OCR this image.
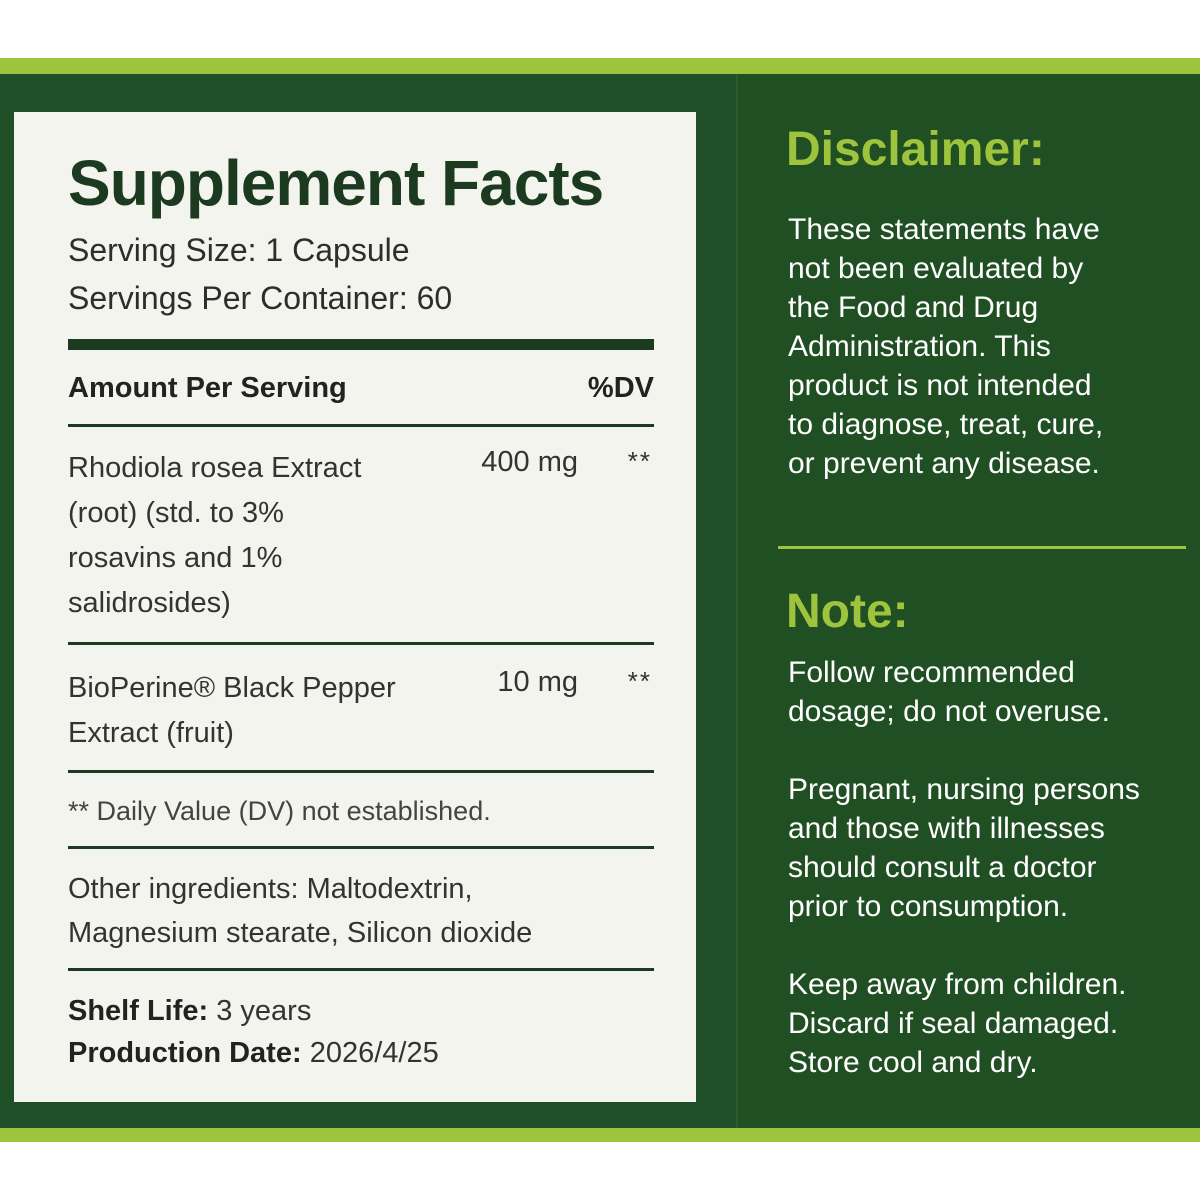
Supplement Facts
Serving Size: 1 Capsule
Servings Per Container: 60
Amount Per Serving	%DV
Rhodiola rosea Extract
(root) (std. to 3%
rosavins and 1%
salidrosides)
400 mg **
BioPerine® Black Pepper
Extract (fruit)
10 mg **
** Daily Value (DV) not established.
Other ingredients: Maltodextrin,
Magnesium stearate, Silicon dioxide
Shelf Life: 3 years
Production Date: 2026/4/25
Disclaimer:
These statements have
not been evaluated by
the Food and Drug
Administration. This
product is not intended
to diagnose, treat, cure,
or prevent any disease.
Note:
Follow recommended
dosage; do not overuse.
Pregnant, nursing persons
and those with illnesses
should consult a doctor
prior to consumption.
Keep away from children.
Discard if seal damaged.
Store cool and dry.
